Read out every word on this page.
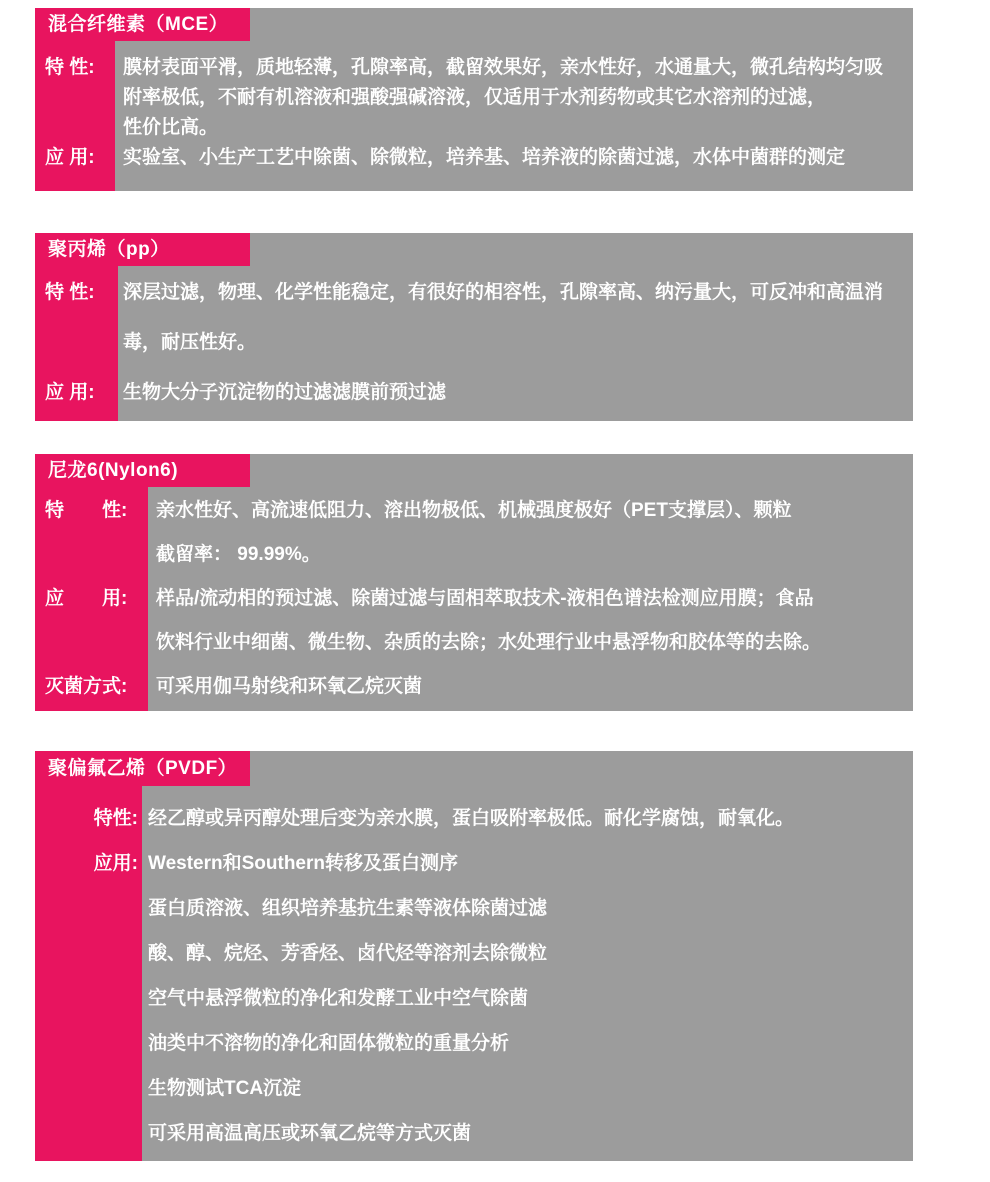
混合纤维素（MCE）
特 性:	膜材表面平滑，质地轻薄，孔隙率高，截留效果好，亲水性好，水通量大，微孔结构均匀吸
附率极低，不耐有机溶液和强酸强碱溶液，仅适用于水剂药物或其它水溶剂的过滤，
性价比高。
应 用:	实验室、小生产工艺中除菌、除微粒，培养基、培养液的除菌过滤，水体中菌群的测定
聚丙烯（pp）
特 性:	深层过滤，物理、化学性能稳定，有很好的相容性，孔隙率高、纳污量大，可反冲和高温消
毒，耐压性好。
应 用:	生物大分子沉淀物的过滤滤膜前预过滤
尼龙6(Nylon6)
特　　性:	亲水性好、高流速低阻力、溶出物极低、机械强度极好（PET支撑层）、颗粒
截留率： 99.99%。
应　　用:	样品/流动相的预过滤、除菌过滤与固相萃取技术-液相色谱法检测应用膜；食品
饮料行业中细菌、微生物、杂质的去除；水处理行业中悬浮物和胶体等的去除。
灭菌方式:	可采用伽马射线和环氧乙烷灭菌
聚偏氟乙烯（PVDF）
特性: 经乙醇或异丙醇处理后变为亲水膜，蛋白吸附率极低。耐化学腐蚀，耐氧化。
应用: Western和Southern转移及蛋白测序
蛋白质溶液、组织培养基抗生素等液体除菌过滤
酸、醇、烷烃、芳香烃、卤代烃等溶剂去除微粒
空气中悬浮微粒的净化和发酵工业中空气除菌
油类中不溶物的净化和固体微粒的重量分析
生物测试TCA沉淀
可采用高温高压或环氧乙烷等方式灭菌
